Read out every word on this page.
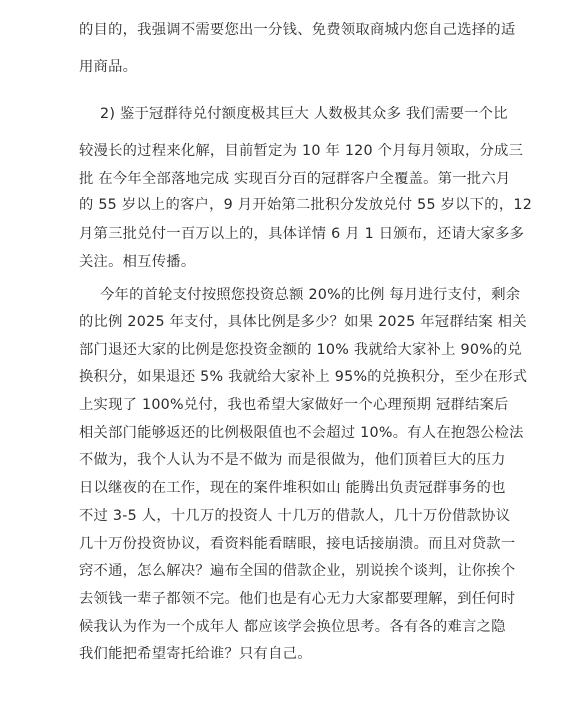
的目的，我强调不需要您出一分钱、免费领取商城内您自己选择的适
用商品。
2) 鉴于冠群待兑付额度极其巨大 人数极其众多 我们需要一个比
较漫长的过程来化解，目前暂定为 10 年 120 个月每月领取，分成三
批 在今年全部落地完成 实现百分百的冠群客户全覆盖。第一批六月
的 55 岁以上的客户，9 月开始第二批积分发放兑付 55 岁以下的，12
月第三批兑付一百万以上的，具体详情 6 月 1 日颁布，还请大家多多
关注。相互传播。
今年的首轮支付按照您投资总额 20%的比例 每月进行支付，剩余
的比例 2025 年支付，具体比例是多少？如果 2025 年冠群结案 相关
部门退还大家的比例是您投资金额的 10% 我就给大家补上 90%的兑
换积分，如果退还 5% 我就给大家补上 95%的兑换积分，至少在形式
上实现了 100%兑付，我也希望大家做好一个心理预期 冠群结案后
相关部门能够返还的比例极限值也不会超过 10%。有人在抱怨公检法
不做为，我个人认为不是不做为 而是很做为，他们顶着巨大的压力
日以继夜的在工作，现在的案件堆积如山 能腾出负责冠群事务的也
不过 3-5 人，十几万的投资人 十几万的借款人，几十万份借款协议
几十万份投资协议，看资料能看瞎眼，接电话接崩溃。而且对贷款一
窍不通，怎么解决？遍布全国的借款企业，别说挨个谈判，让你挨个
去领钱一辈子都领不完。他们也是有心无力大家都要理解，到任何时
候我认为作为一个成年人 都应该学会换位思考。各有各的难言之隐
我们能把希望寄托给谁？只有自己。
